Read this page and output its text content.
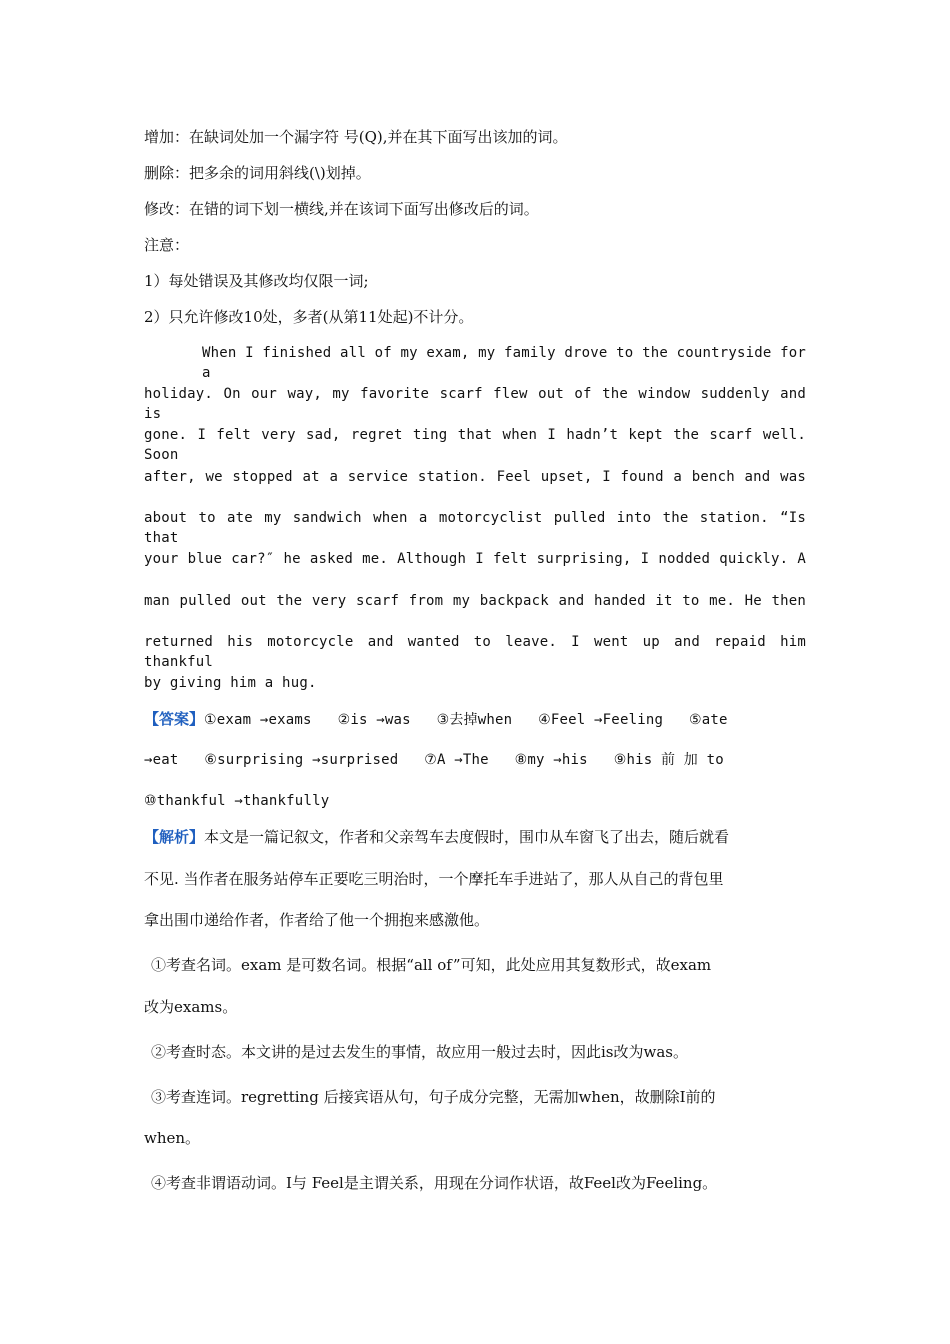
增加：在缺词处加一个漏字符 号(Q),并在其下面写出该加的词。
删除：把多余的词用斜线(\)划掉。
修改：在错的词下划一横线,并在该词下面写出修改后的词。
注意：
1）每处错误及其修改均仅限一词;
2）只允许修改10处，多者(从第11处起)不计分。
When I finished all of my exam, my family drove to the countryside for a
holiday. On our way, my favorite scarf flew out of the window suddenly and is
gone. I felt very sad, regret ting that when I hadn’t kept the scarf well. Soon
after, we stopped at a service station. Feel upset, I found a bench and was
about to ate my sandwich when a motorcyclist pulled into the station. “Is that
your blue car?″ he asked me. Although I felt surprising, I nodded quickly. A
man pulled out the very scarf from my backpack and handed it to me. He then
returned his motorcycle and wanted to leave. I went up and repaid him thankful
by giving him a hug.
【答案】①exam →exams   ②is →was   ③去掉when   ④Feel →Feeling   ⑤ate
→eat   ⑥surprising →surprised   ⑦A →The   ⑧my →his   ⑨his 前 加 to
⑩thankful →thankfully
【解析】本文是一篇记叙文，作者和父亲驾车去度假时，围巾从车窗飞了出去，随后就看
不见. 当作者在服务站停车正要吃三明治时，一个摩托车手进站了，那人从自己的背包里
拿出围巾递给作者，作者给了他一个拥抱来感激他。
①考查名词。exam 是可数名词。根据“all of”可知，此处应用其复数形式，故exam
改为exams。
②考查时态。本文讲的是过去发生的事情，故应用一般过去时，因此is改为was。
③考查连词。regretting 后接宾语从句，句子成分完整，无需加when，故删除I前的
when。
④考查非谓语动词。I与 Feel是主谓关系，用现在分词作状语，故Feel改为Feeling。
